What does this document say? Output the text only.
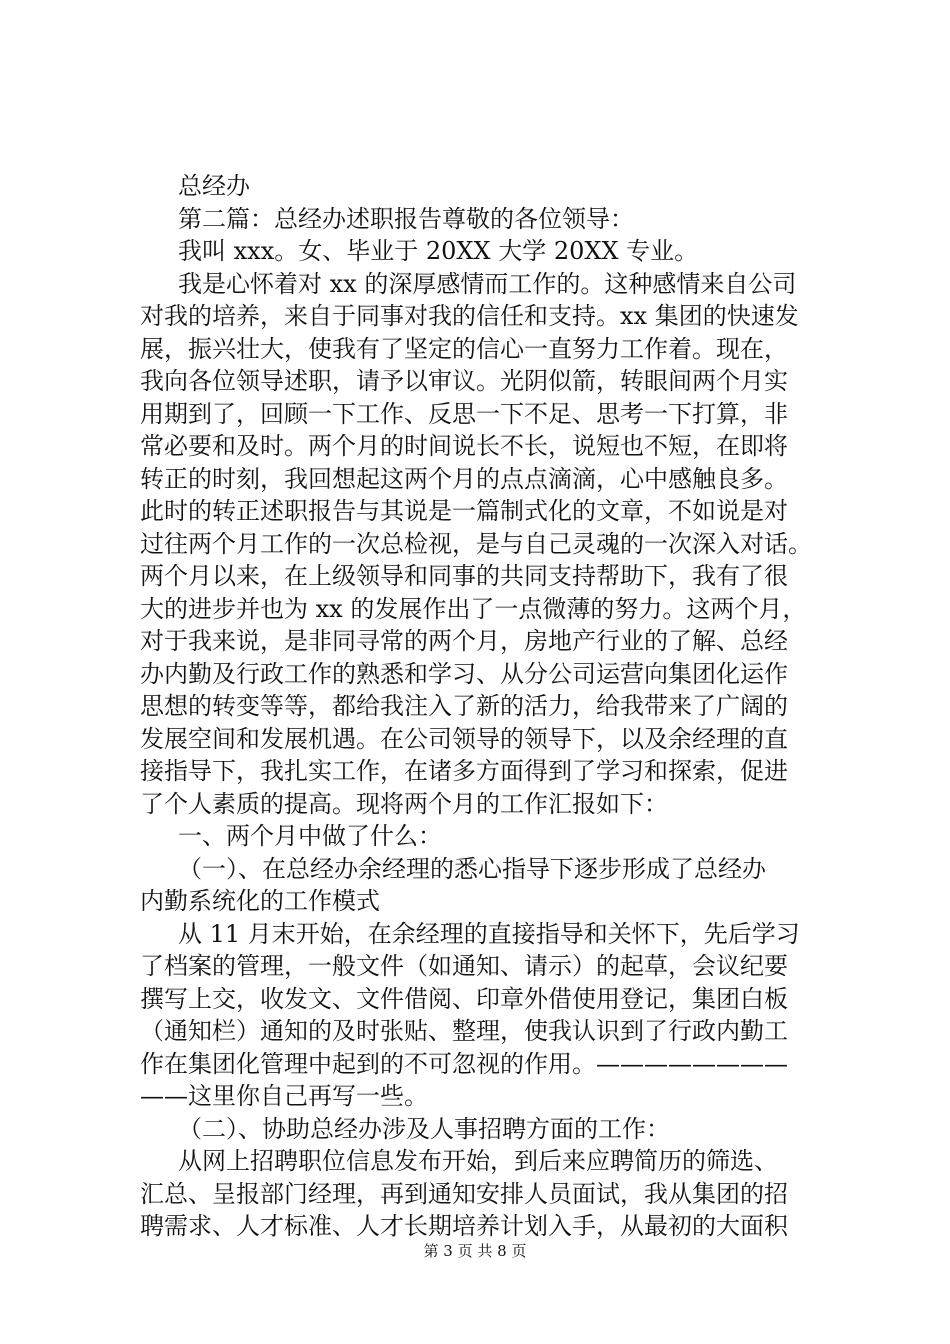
总经办
第二篇：总经办述职报告尊敬的各位领导：
我叫 xxx。女、毕业于 20XX 大学 20XX 专业。
我是心怀着对 xx 的深厚感情而工作的。这种感情来自公司
对我的培养，来自于同事对我的信任和支持。xx 集团的快速发
展，振兴壮大，使我有了坚定的信心一直努力工作着。现在，
我向各位领导述职，请予以审议。光阴似箭，转眼间两个月实
用期到了，回顾一下工作、反思一下不足、思考一下打算，非
常必要和及时。两个月的时间说长不长，说短也不短，在即将
转正的时刻，我回想起这两个月的点点滴滴，心中感触良多。
此时的转正述职报告与其说是一篇制式化的文章，不如说是对
过往两个月工作的一次总检视，是与自己灵魂的一次深入对话。
两个月以来，在上级领导和同事的共同支持帮助下，我有了很
大的进步并也为 xx 的发展作出了一点微薄的努力。这两个月，
对于我来说，是非同寻常的两个月，房地产行业的了解、总经
办内勤及行政工作的熟悉和学习、从分公司运营向集团化运作
思想的转变等等，都给我注入了新的活力，给我带来了广阔的
发展空间和发展机遇。在公司领导的领导下，以及余经理的直
接指导下，我扎实工作，在诸多方面得到了学习和探索，促进
了个人素质的提高。现将两个月的工作汇报如下：
一、两个月中做了什么：
（一）、在总经办余经理的悉心指导下逐步形成了总经办
内勤系统化的工作模式
从 11 月末开始，在余经理的直接指导和关怀下，先后学习
了档案的管理，一般文件（如通知、请示）的起草，会议纪要
撰写上交，收发文、文件借阅、印章外借使用登记，集团白板
（通知栏）通知的及时张贴、整理，使我认识到了行政内勤工
作在集团化管理中起到的不可忽视的作用。————————
——这里你自己再写一些。
（二）、协助总经办涉及人事招聘方面的工作：
从网上招聘职位信息发布开始，到后来应聘简历的筛选、
汇总、呈报部门经理，再到通知安排人员面试，我从集团的招
聘需求、人才标准、人才长期培养计划入手，从最初的大面积
第 3 页 共 8 页
